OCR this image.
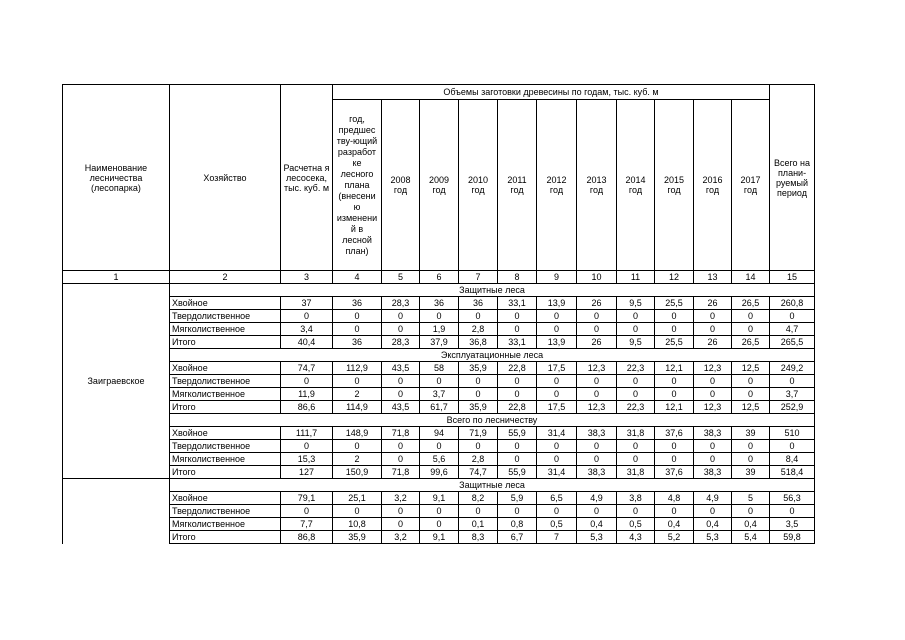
Наименование лесничества (лесопарка)	Хозяйство	Расчетна я лесосека, тыс. куб. м	Объемы заготовки древесины по годам, тыс. куб. м											Всего на плани-руемый период
			год, предшес тву-ющий разработ ке лесного плана (внесени ю изменени й в лесной план)	2008 год	2009 год	2010 год	2011 год	2012 год	2013 год	2014 год	2015 год	2016 год	2017 год	
1	2	3	4	5	6	7	8	9	10	11	12	13	14	15
Заиграевское	Защитные леса													
	Хвойное	37	36	28,3	36	36	33,1	13,9	26	9,5	25,5	26	26,5	260,8
	Твердолиственное	0	0	0	0	0	0	0	0	0	0	0	0	0
	Мягколиственное	3,4	0	0	1,9	2,8	0	0	0	0	0	0	0	4,7
	Итого	40,4	36	28,3	37,9	36,8	33,1	13,9	26	9,5	25,5	26	26,5	265,5
	Эксплуатационные леса													
	Хвойное	74,7	112,9	43,5	58	35,9	22,8	17,5	12,3	22,3	12,1	12,3	12,5	249,2
	Твердолиственное	0	0	0	0	0	0	0	0	0	0	0	0	0
	Мягколиственное	11,9	2	0	3,7	0	0	0	0	0	0	0	0	3,7
	Итого	86,6	114,9	43,5	61,7	35,9	22,8	17,5	12,3	22,3	12,1	12,3	12,5	252,9
	Всего по лесничеству													
	Хвойное	111,7	148,9	71,8	94	71,9	55,9	31,4	38,3	31,8	37,6	38,3	39	510
	Твердолиственное	0	0	0	0	0	0	0	0	0	0	0	0	0
	Мягколиственное	15,3	2	0	5,6	2,8	0	0	0	0	0	0	0	8,4
	Итого	127	150,9	71,8	99,6	74,7	55,9	31,4	38,3	31,8	37,6	38,3	39	518,4
	Защитные леса													
	Хвойное	79,1	25,1	3,2	9,1	8,2	5,9	6,5	4,9	3,8	4,8	4,9	5	56,3
	Твердолиственное	0	0	0	0	0	0	0	0	0	0	0	0	0
	Мягколиственное	7,7	10,8	0	0	0,1	0,8	0,5	0,4	0,5	0,4	0,4	0,4	3,5
	Итого	86,8	35,9	3,2	9,1	8,3	6,7	7	5,3	4,3	5,2	5,3	5,4	59,8
